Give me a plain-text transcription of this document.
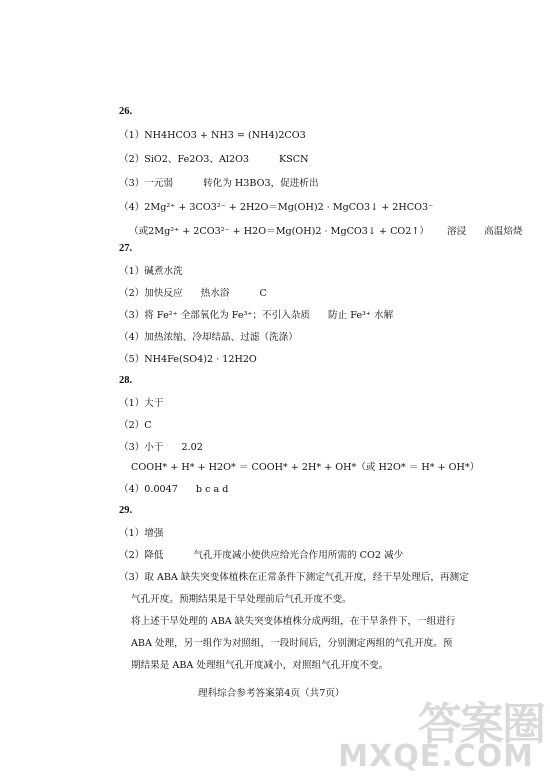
26.
（1）NH4HCO3 + NH3 = (NH4)2CO3
（2）SiO2、Fe2O3、Al2O3	KSCN
（3）一元弱	转化为 H3BO3，促进析出
（4）2Mg²⁺ + 3CO3²⁻ + 2H2O＝Mg(OH)2 · MgCO3↓ + 2HCO3⁻
（或2Mg²⁺ + 2CO3²⁻ + H2O＝Mg(OH)2 · MgCO3↓ + CO2↑） 溶浸 高温焙烧
27.
（1）碱煮水洗
（2）加快反应 热水浴	C
（3）将 Fe²⁺ 全部氧化为 Fe³⁺；不引入杂质 防止 Fe³⁺ 水解
（4）加热浓缩、冷却结晶、过滤（洗涤）
（5）NH4Fe(SO4)2 · 12H2O
28.
（1）大于
（2）C
（3）小于 2.02
COOH* + H* + H2O* ＝ COOH* + 2H* + OH*（或 H2O* ＝ H* + OH*）
（4）0.0047 b c a d
29.
（1）增强
（2）降低	气孔开度减小使供应给光合作用所需的 CO2 减少
（3）取 ABA 缺失突变体植株在正常条件下测定气孔开度，经干旱处理后，再测定
气孔开度。预期结果是干旱处理前后气孔开度不变。
将上述干旱处理的 ABA 缺失突变体植株分成两组，在干旱条件下，一组进行
ABA 处理，另一组作为对照组，一段时间后，分别测定两组的气孔开度。预
期结果是 ABA 处理组气孔开度减小，对照组气孔开度不变。
理科综合参考答案第4页（共7页）
答案圈
MXQE.COM
